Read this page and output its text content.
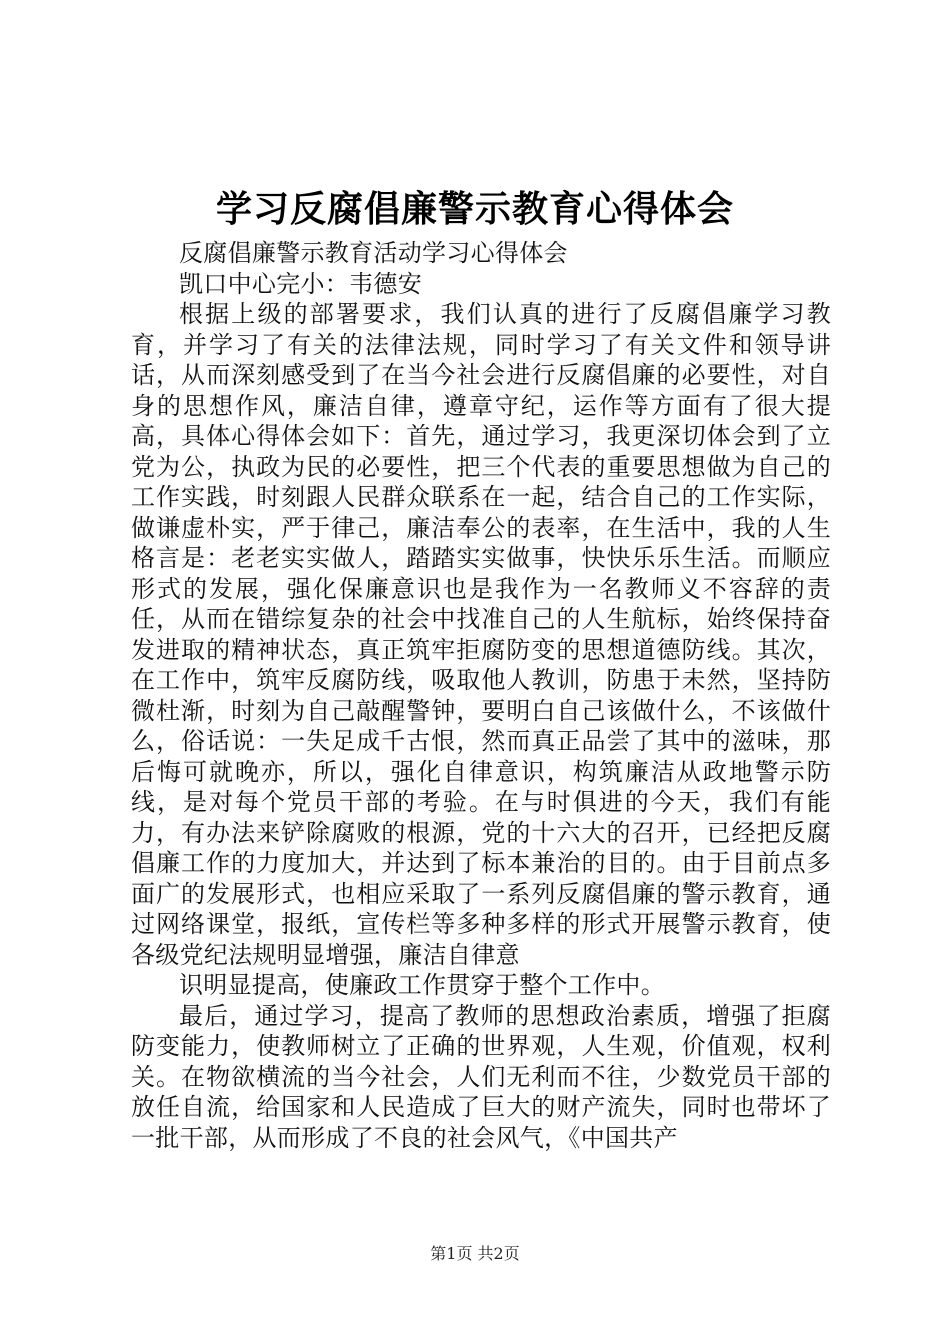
学习反腐倡廉警示教育心得体会

反腐倡廉警示教育活动学习心得体会

凯口中心完小：韦德安

根据上级的部署要求，我们认真的进行了反腐倡廉学习教育，并学习了有关的法律法规，同时学习了有关文件和领导讲话，从而深刻感受到了在当今社会进行反腐倡廉的必要性，对自身的思想作风，廉洁自律，遵章守纪，运作等方面有了很大提高，具体心得体会如下：首先，通过学习，我更深切体会到了立党为公，执政为民的必要性，把三个代表的重要思想做为自己的工作实践，时刻跟人民群众联系在一起，结合自己的工作实际，做谦虚朴实，严于律己，廉洁奉公的表率，在生活中，我的人生格言是：老老实实做人，踏踏实实做事，快快乐乐生活。而顺应形式的发展，强化保廉意识也是我作为一名教师义不容辞的责任，从而在错综复杂的社会中找准自己的人生航标，始终保持奋发进取的精神状态，真正筑牢拒腐防变的思想道德防线。其次，在工作中，筑牢反腐防线，吸取他人教训，防患于未然，坚持防微杜渐，时刻为自己敲醒警钟，要明白自己该做什么，不该做什么，俗话说：一失足成千古恨，然而真正品尝了其中的滋味，那后悔可就晚亦，所以，强化自律意识，构筑廉洁从政地警示防线，是对每个党员干部的考验。在与时俱进的今天，我们有能力，有办法来铲除腐败的根源，党的十六大的召开，已经把反腐倡廉工作的力度加大，并达到了标本兼治的目的。由于目前点多面广的发展形式，也相应采取了一系列反腐倡廉的警示教育，通过网络课堂，报纸，宣传栏等多种多样的形式开展警示教育，使各级党纪法规明显增强，廉洁自律意

识明显提高，使廉政工作贯穿于整个工作中。

最后，通过学习，提高了教师的思想政治素质，增强了拒腐防变能力，使教师树立了正确的世界观，人生观，价值观，权利关。在物欲横流的当今社会，人们无利而不往，少数党员干部的放任自流，给国家和人民造成了巨大的财产流失，同时也带坏了一批干部，从而形成了不良的社会风气，《中国共产

第1页 共2页
